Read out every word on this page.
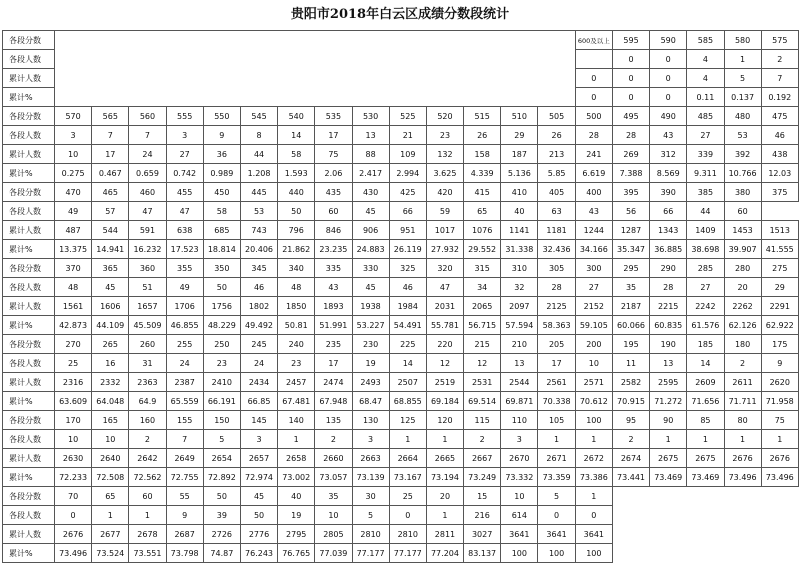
贵阳市2018年白云区成绩分数段统计
各段分数															600及以上	595	590	585	580	575
各段人数																0	0	4	1	2
累计人数															0	0	0	4	5	7
累计%															0	0	0	0.11	0.137	0.192
各段分数	570	565	560	555	550	545	540	535	530	525	520	515	510	505	500	495	490	485	480	475
各段人数	3	7	7	3	9	8	14	17	13	21	23	26	29	26	28	28	43	27	53	46
累计人数	10	17	24	27	36	44	58	75	88	109	132	158	187	213	241	269	312	339	392	438
累计%	0.275	0.467	0.659	0.742	0.989	1.208	1.593	2.06	2.417	2.994	3.625	4.339	5.136	5.85	6.619	7.388	8.569	9.311	10.766	12.03
各段分数	470	465	460	455	450	445	440	435	430	425	420	415	410	405	400	395	390	385	380	375
各段人数	49	57	47	47	58	53	50	60	45	66	59	65	40	63	43	56	66	44	60	
累计人数	487	544	591	638	685	743	796	846	906	951	1017	1076	1141	1181	1244	1287	1343	1409	1453	1513
累计%	13.375	14.941	16.232	17.523	18.814	20.406	21.862	23.235	24.883	26.119	27.932	29.552	31.338	32.436	34.166	35.347	36.885	38.698	39.907	41.555
各段分数	370	365	360	355	350	345	340	335	330	325	320	315	310	305	300	295	290	285	280	275
各段人数	48	45	51	49	50	46	48	43	45	46	47	34	32	28	27	35	28	27	20	29
累计人数	1561	1606	1657	1706	1756	1802	1850	1893	1938	1984	2031	2065	2097	2125	2152	2187	2215	2242	2262	2291
累计%	42.873	44.109	45.509	46.855	48.229	49.492	50.81	51.991	53.227	54.491	55.781	56.715	57.594	58.363	59.105	60.066	60.835	61.576	62.126	62.922
各段分数	270	265	260	255	250	245	240	235	230	225	220	215	210	205	200	195	190	185	180	175
各段人数	25	16	31	24	23	24	23	17	19	14	12	12	13	17	10	11	13	14	2	9
累计人数	2316	2332	2363	2387	2410	2434	2457	2474	2493	2507	2519	2531	2544	2561	2571	2582	2595	2609	2611	2620
累计%	63.609	64.048	64.9	65.559	66.191	66.85	67.481	67.948	68.47	68.855	69.184	69.514	69.871	70.338	70.612	70.915	71.272	71.656	71.711	71.958
各段分数	170	165	160	155	150	145	140	135	130	125	120	115	110	105	100	95	90	85	80	75
各段人数	10	10	2	7	5	3	1	2	3	1	1	2	3	1	1	2	1	1	1	1
累计人数	2630	2640	2642	2649	2654	2657	2658	2660	2663	2664	2665	2667	2670	2671	2672	2674	2675	2675	2676	2676
累计%	72.233	72.508	72.562	72.755	72.892	72.974	73.002	73.057	73.139	73.167	73.194	73.249	73.332	73.359	73.386	73.441	73.469	73.469	73.496	73.496
各段分数	70	65	60	55	50	45	40	35	30	25	20	15	10	5	1					
各段人数	0	1	1	9	39	50	19	10	5	0	1	216	614	0	0					
累计人数	2676	2677	2678	2687	2726	2776	2795	2805	2810	2810	2811	3027	3641	3641	3641					
累计%	73.496	73.524	73.551	73.798	74.87	76.243	76.765	77.039	77.177	77.177	77.204	83.137	100	100	100					
